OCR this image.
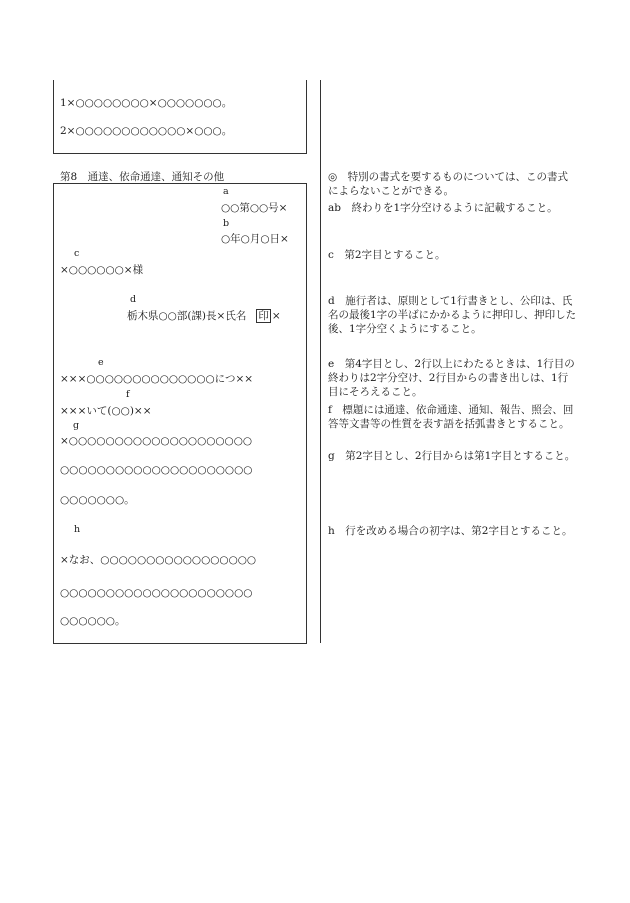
1×○○○○○○○○×○○○○○○○。
2×○○○○○○○○○○○○×○○○。
第8　通達、依命通達、通知その他
a
○○第○○号×
b
○年○月○日×
c
×○○○○○○×様
d
栃木県○○部(課)長×氏名 印 ×
e
×××○○○○○○○○○○○○○○につ××
f
×××いて(○○)××
g
×○○○○○○○○○○○○○○○○○○○○
○○○○○○○○○○○○○○○○○○○○○
○○○○○○○。
h
×なお、○○○○○○○○○○○○○○○○○
○○○○○○○○○○○○○○○○○○○○○
○○○○○○。
◎　特別の書式を要するものについては、この書式によらないことができる。
ab　終わりを1字分空けるように記載すること。
c　第2字目とすること。
d　施行者は、原則として1行書きとし、公印は、氏名の最後1字の半ばにかかるように押印し、押印した後、1字分空くようにすること。
e　第4字目とし、2行以上にわたるときは、1行目の終わりは2字分空け、2行目からの書き出しは、1行目にそろえること。
f　標題には通達、依命通達、通知、報告、照会、回答等文書等の性質を表す語を括弧書きとすること。
g　第2字目とし、2行目からは第1字目とすること。
h　行を改める場合の初字は、第2字目とすること。
